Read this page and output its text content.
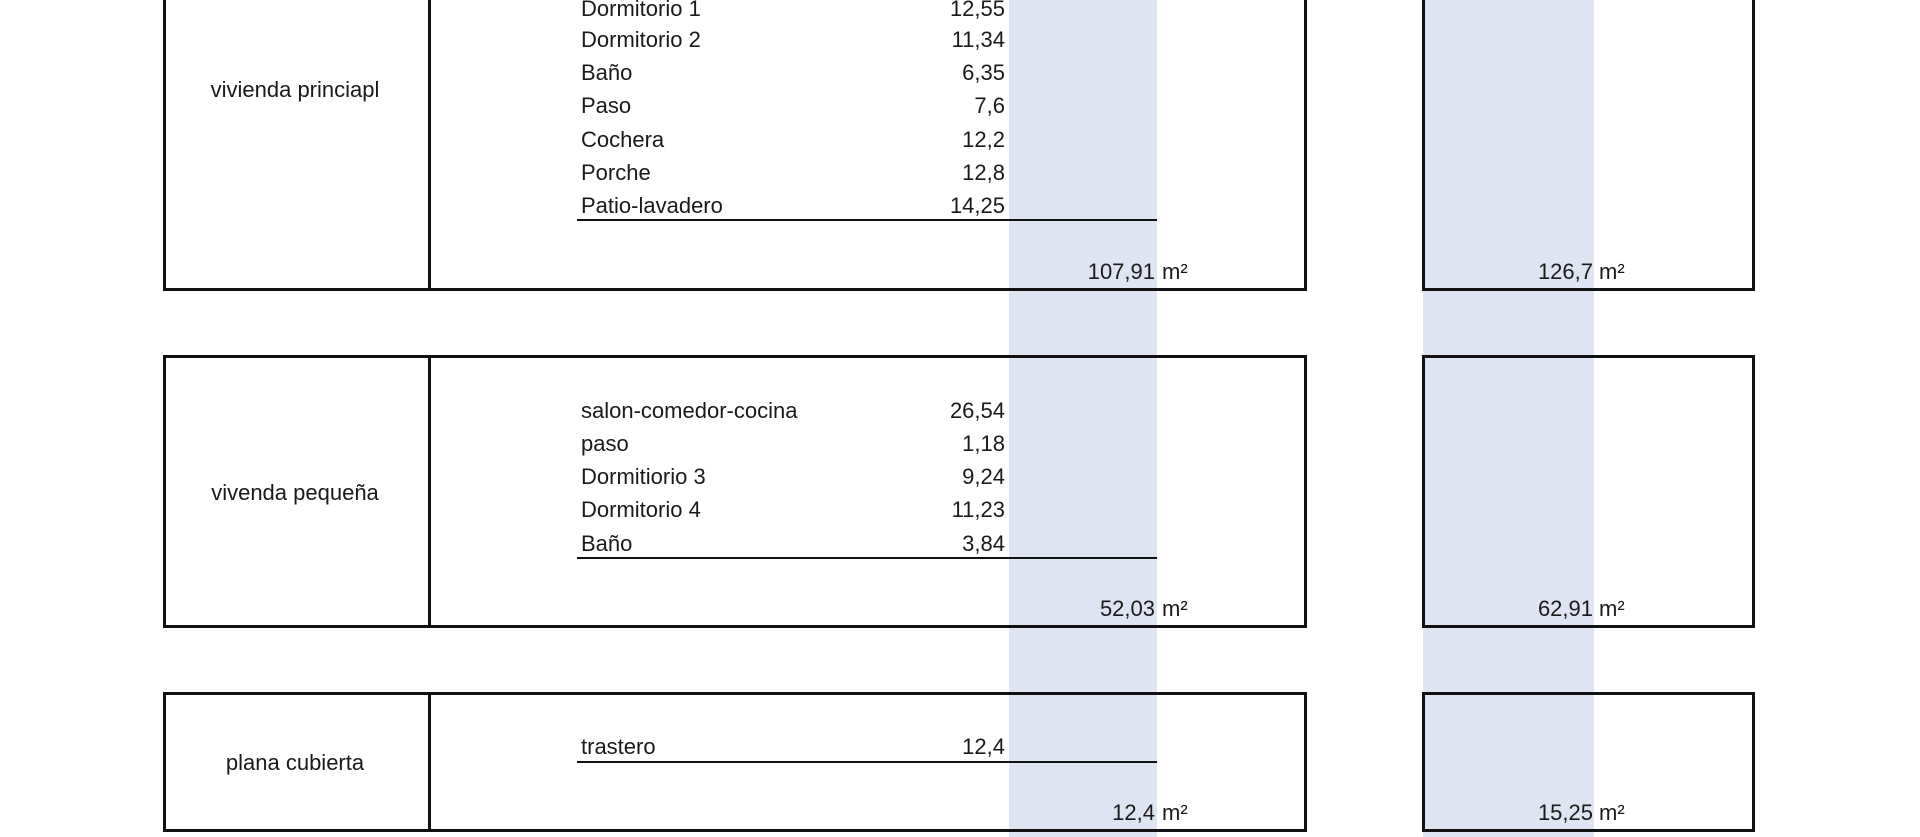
vivienda princiapl
Dormitorio 1	12,55
Dormitorio 2	11,34
Baño	6,35
Paso	7,6
Cochera	12,2
Porche	12,8
Patio-lavadero	14,25
107,91 m²	126,7 m²
vivenda pequeña
salon-comedor-cocina	26,54
paso	1,18
Dormitiorio 3	9,24
Dormitorio 4	11,23
Baño	3,84
52,03 m²	62,91 m²
plana cubierta
trastero	12,4
12,4 m²	15,25 m²
